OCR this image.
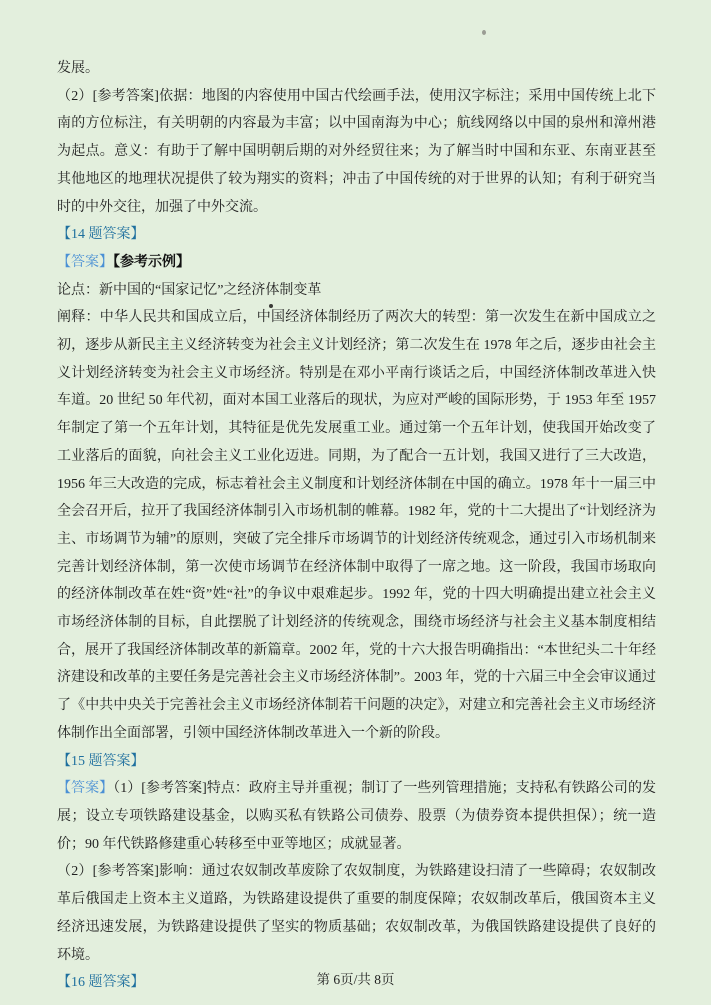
发展。

（2）[参考答案]依据：地图的内容使用中国古代绘画手法，使用汉字标注；采用中国传统上北下南的方位标注，有关明朝的内容最为丰富；以中国南海为中心；航线网络以中国的泉州和漳州港为起点。意义：有助于了解中国明朝后期的对外经贸往来；为了解当时中国和东亚、东南亚甚至其他地区的地理状况提供了较为翔实的资料；冲击了中国传统的对于世界的认知；有利于研究当时的中外交往，加强了中外交流。

【14 题答案】

【答案】【参考示例】

论点：新中国的“国家记忆”之经济体制变革

阐释：中华人民共和国成立后，中国经济体制经历了两次大的转型：第一次发生在新中国成立之初，逐步从新民主主义经济转变为社会主义计划经济；第二次发生在 1978 年之后，逐步由社会主义计划经济转变为社会主义市场经济。特别是在邓小平南行谈话之后，中国经济体制改革进入快车道。20 世纪 50 年代初，面对本国工业落后的现状，为应对严峻的国际形势，于 1953 年至 1957 年制定了第一个五年计划，其特征是优先发展重工业。通过第一个五年计划，使我国开始改变了工业落后的面貌，向社会主义工业化迈进。同期，为了配合一五计划，我国又进行了三大改造，1956 年三大改造的完成，标志着社会主义制度和计划经济体制在中国的确立。1978 年十一届三中全会召开后，拉开了我国经济体制引入市场机制的帷幕。1982 年，党的十二大提出了“计划经济为主、市场调节为辅”的原则，突破了完全排斥市场调节的计划经济传统观念，通过引入市场机制来完善计划经济体制，第一次使市场调节在经济体制中取得了一席之地。这一阶段，我国市场取向的经济体制改革在姓“资”姓“社”的争议中艰难起步。1992 年，党的十四大明确提出建立社会主义市场经济体制的目标，自此摆脱了计划经济的传统观念，围绕市场经济与社会主义基本制度相结合，展开了我国经济体制改革的新篇章。2002 年，党的十六大报告明确指出：“本世纪头二十年经济建设和改革的主要任务是完善社会主义市场经济体制”。2003 年，党的十六届三中全会审议通过了《中共中央关于完善社会主义市场经济体制若干问题的决定》，对建立和完善社会主义市场经济体制作出全面部署，引领中国经济体制改革进入一个新的阶段。

【15 题答案】

【答案】（1）[参考答案]特点：政府主导并重视；制订了一些列管理措施；支持私有铁路公司的发展；设立专项铁路建设基金，以购买私有铁路公司债券、股票（为债券资本提供担保）；统一造价；90 年代铁路修建重心转移至中亚等地区；成就显著。

（2）[参考答案]影响：通过农奴制改革废除了农奴制度，为铁路建设扫清了一些障碍；农奴制改革后俄国走上资本主义道路，为铁路建设提供了重要的制度保障；农奴制改革后，俄国资本主义经济迅速发展，为铁路建设提供了坚实的物质基础；农奴制改革，为俄国铁路建设提供了良好的环境。

【16 题答案】	第 6页/共 8页
